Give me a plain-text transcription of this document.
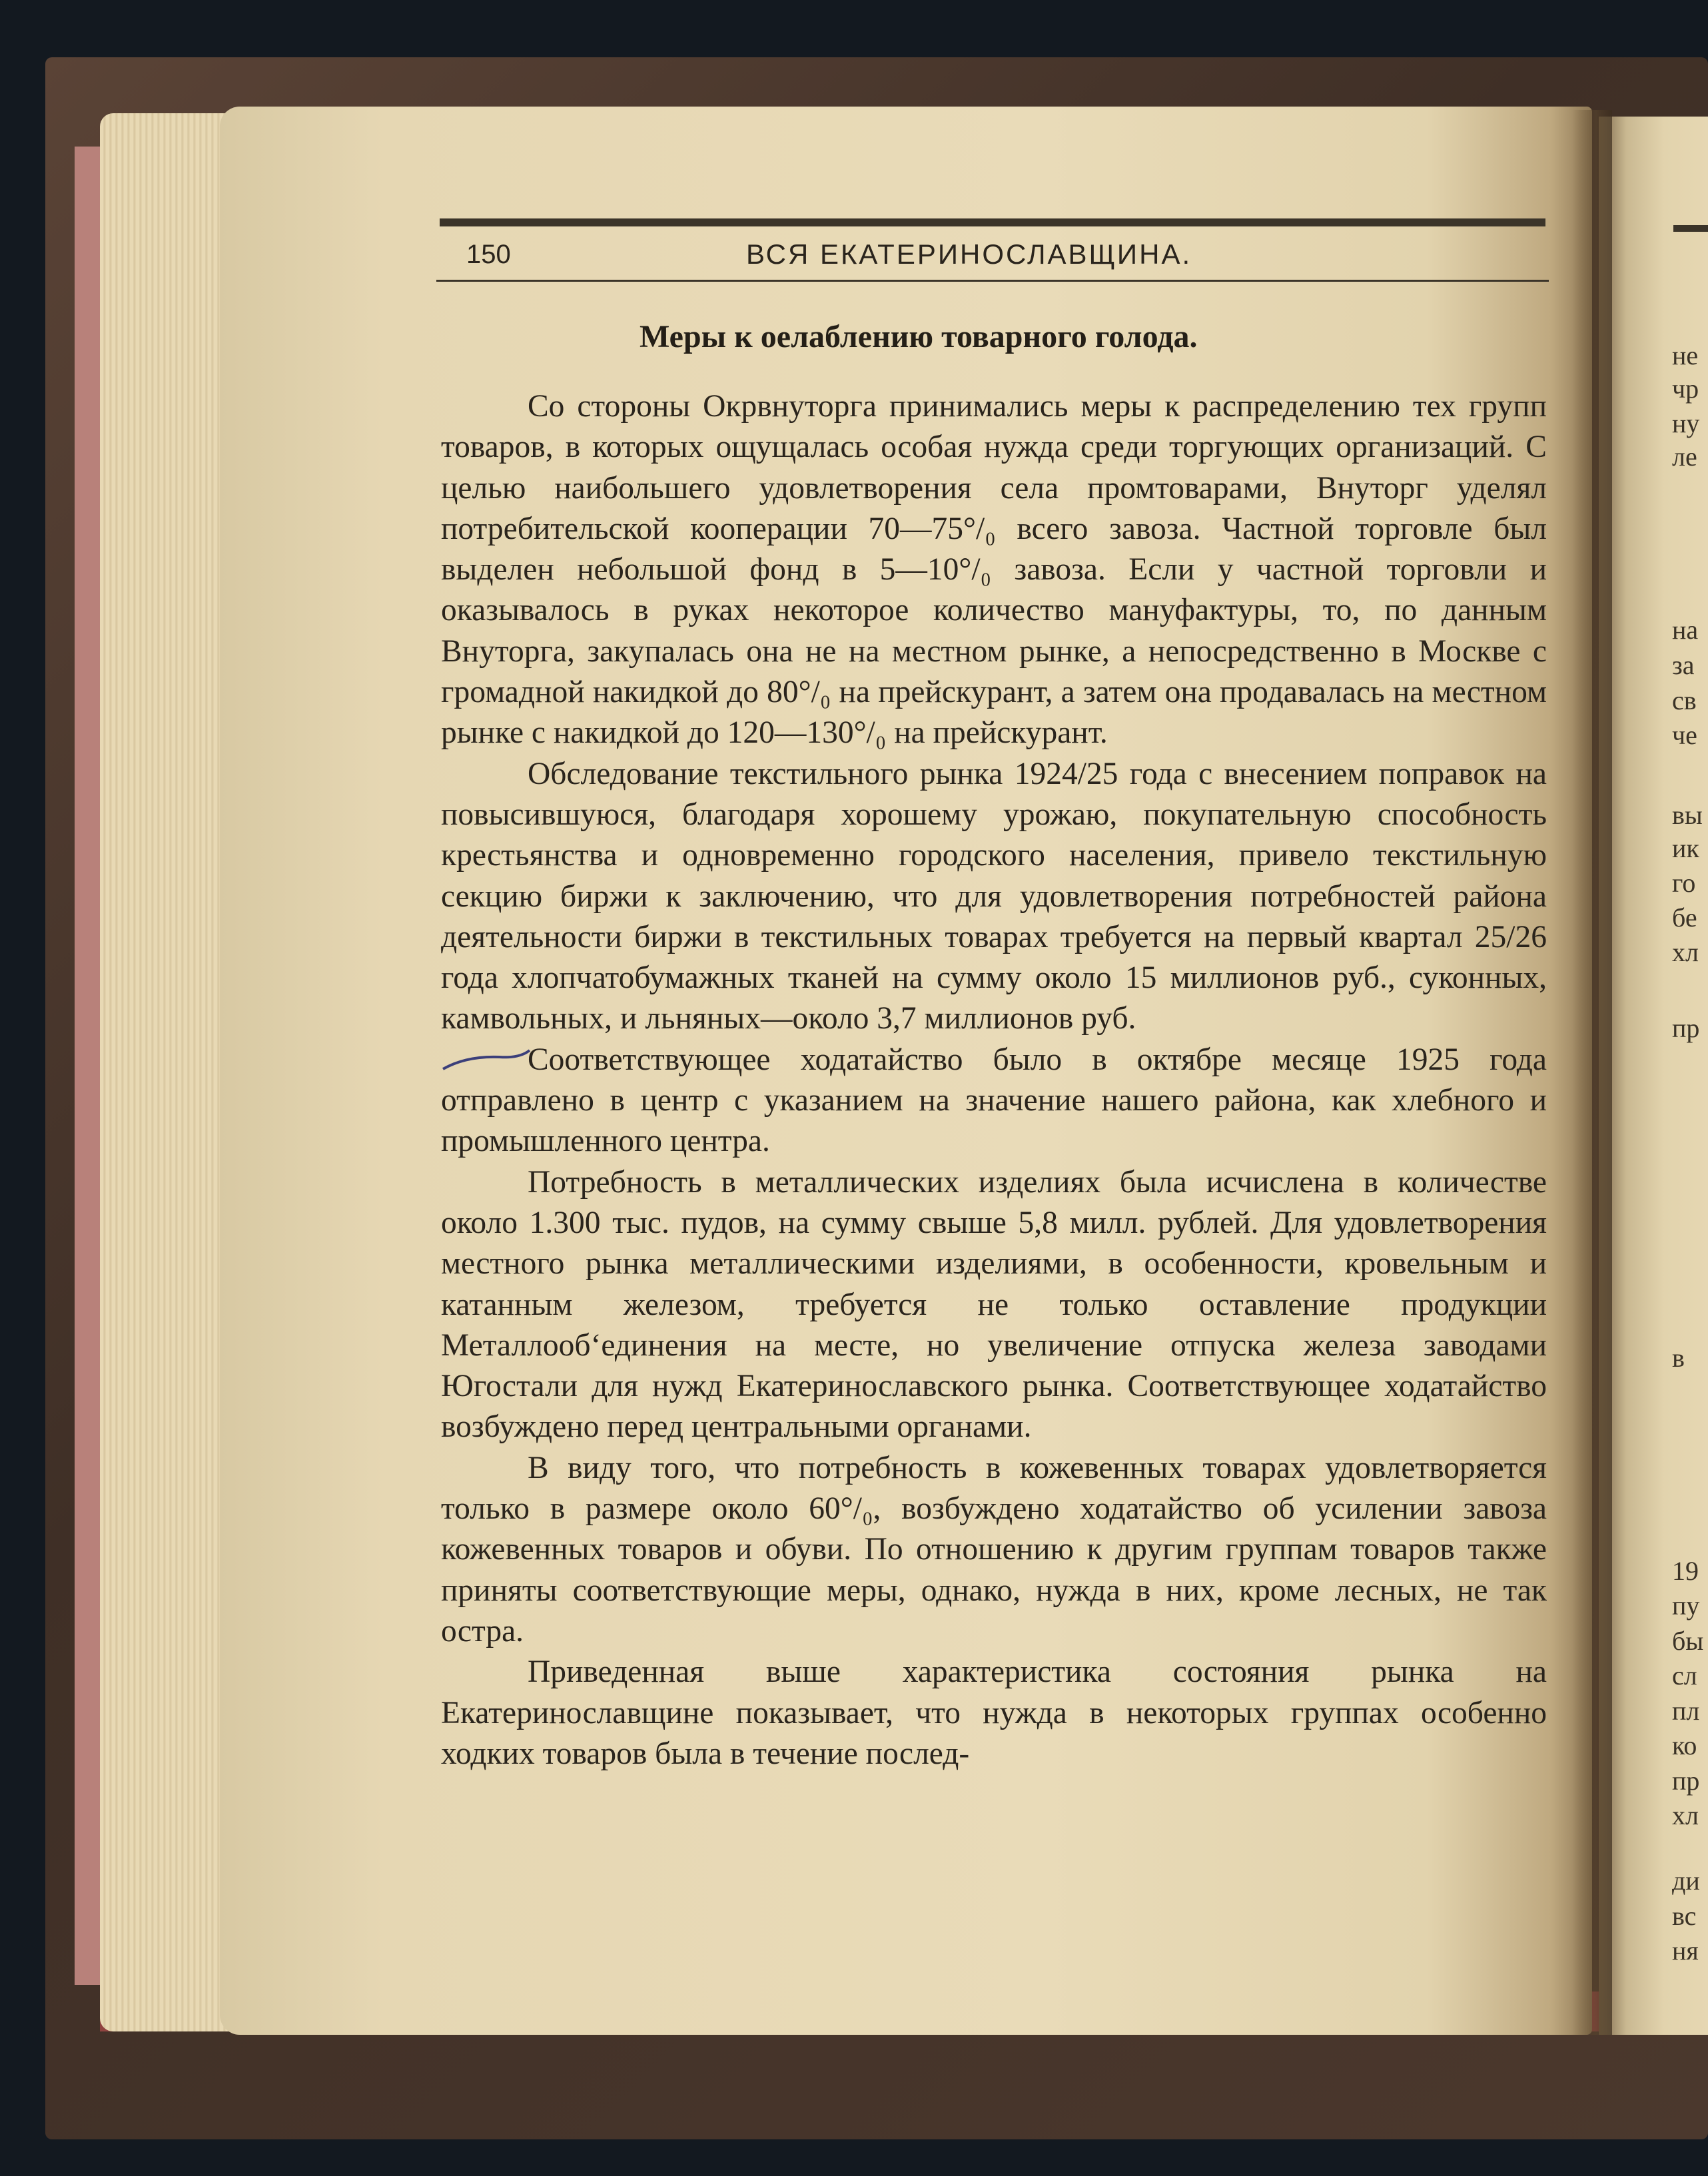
150	ВСЯ ЕКАТЕРИНОСЛАВЩИНА.
Меры к оелаблению товарного голода.

Со стороны Окрвнуторга принимались меры к распределению тех групп товаров, в которых ощущалась особая нужда среди торгующих организаций. С целью наибольшего удовлетворения села промтоварами, Внуторг уделял потребительской кооперации 70—75°/₀ всего завоза. Частной торговле был выделен небольшой фонд в 5—10°/₀ завоза. Если у частной торговли и оказывалось в руках некоторое количество мануфактуры, то, по данным Внуторга, закупалась она не на местном рынке, а непосредственно в Москве с громадной накидкой до 80°/₀ на прейскурант, а затем она продавалась на местном рынке с накидкой до 120—130°/₀ на прейскурант.

Обследование текстильного рынка 1924/25 года с внесением поправок на повысившуюся, благодаря хорошему урожаю, покупательную способность крестьянства и одновременно городского населения, привело текстильную секцию биржи к заключению, что для удовлетворения потребностей района деятельности биржи в текстильных товарах требуется на первый квартал 25/26 года хлопчатобумажных тканей на сумму около 15 миллионов руб., суконных, камвольных, и льняных—около 3,7 миллионов руб.

Соответствующее ходатайство было в октябре месяце 1925 года отправлено в центр с указанием на значение нашего района, как хлебного и промышленного центра.

Потребность в металлических изделиях была исчислена в количестве около 1.300 тыс. пудов, на сумму свыше 5,8 милл. рублей. Для удовлетворения местного рынка металлическими изделиями, в особенности, кровельным и катанным железом, требуется не только оставление продукции Металлооб‘единения на месте, но увеличение отпуска железа заводами Югостали для нужд Екатеринославского рынка. Соответствующее ходатайство возбуждено перед центральными органами.

В виду того, что потребность в кожевенных товарах удовлетворяется только в размере около 60°/₀, возбуждено ходатайство об усилении завоза кожевенных товаров и обуви. По отношению к другим группам товаров также приняты соответствующие меры, однако, нужда в них, кроме лесных, не так остра.

Приведенная выше характеристика состояния рынка на Екатеринославщине показывает, что нужда в некоторых группах особенно ходких товаров была в течение послед-

не
чр
ну
ле
на
за
св
че
вы
ик
го
бе
хл
пр
в
19
пу
бы
сл
пл
ко
пр
хл
ди
вс
ня
